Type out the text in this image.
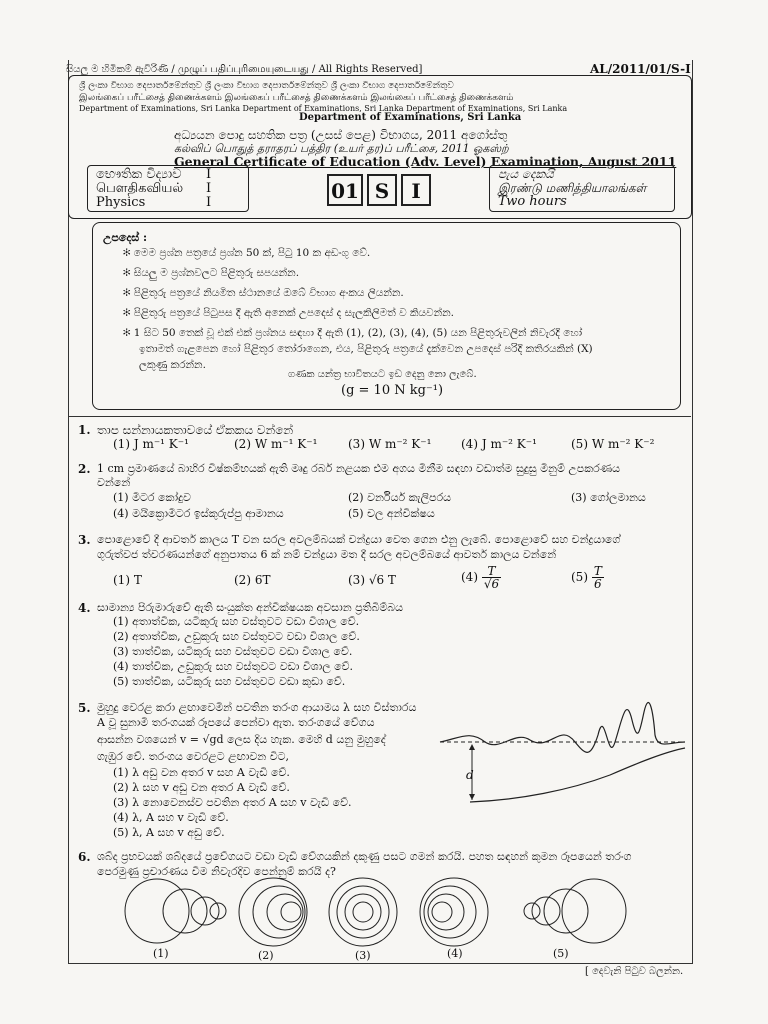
සියලු ම හිමිකම් ඇවිරිණි / முழுப் பதிப்புரிமையுடையது / All Rights Reserved]	AL/2011/01/S-I
ශ්‍රී ලංකා විභාග දෙපාර්තමේන්තුව ශ්‍රී ලංකා විභාග දෙපාර්තමේන්තුව ශ්‍රී ලංකා විභාග දෙපාර්තමේන්තුව
இலங்கைப் பரீட்சைத் திணைக்களம் இலங்கைப் பரீட்சைத் திணைக்களம் இலங்கைப் பரீட்சைத் திணைக்களம்
Department of Examinations, Sri Lanka Department of Examinations, Sri Lanka Department of Examinations, Sri Lanka
Department of Examinations, Sri Lanka
අධ්‍යයන පොදු සහතික පත්‍ර (උසස් පෙළ) විභාගය, 2011 අගෝස්තු
கல்விப் பொதுத் தராதரப் பத்திர (உயர் தர)ப் பரீட்சை, 2011 ஓகஸ்ற்
General Certificate of Education (Adv. Level) Examination, August 2011
භෞතික විද්‍යාව I
பௌதிகவியல் I
Physics	I	01 S	I
පැය දෙකයි
இரண்டு மணித்தியாலங்கள்
Two hours
උපදෙස් :
✻ මෙම ප්‍රශ්න පත්‍රයේ ප්‍රශ්න 50 ක්, පිටු 10 ක අඩංගු වේ.
✻ සියලු ම ප්‍රශ්නවලට පිළිතුරු සපයන්න.
✻ පිළිතුරු පත්‍රයේ නියමිත ස්ථානයේ ඔබේ විභාග අංකය ලියන්න.
✻ පිළිතුරු පත්‍රයේ පිටුපස දී ඇති අනෙක් උපදෙස් ද සැලකිලිමත් ව කියවන්න.
✻ 1 සිට 50 තෙක් වූ එක් එක් ප්‍රශ්නය සඳහා දී ඇති (1), (2), (3), (4), (5) යන පිළිතුරුවලින් නිවැරදි හෝ
ඉතාමත් ගැළපෙන හෝ පිළිතුර තෝරාගෙන, එය, පිළිතුරු පත්‍රයේ දැක්වෙන උපදෙස් පරිදි කතිරයකින් (X)
ලකුණු කරන්න.
ගණක යන්ත්‍ර භාවිතයට ඉඩ දෙනු නො ලැබේ.
(g = 10 N kg⁻¹)
1. තාප සන්නායකතාවයේ ඒකකය වන්නේ
(1) J m⁻¹ K⁻¹	(2) W m⁻¹ K⁻¹	(3) W m⁻² K⁻¹ (4) J m⁻² K⁻¹	(5) W m⁻² K⁻²
2. 1 cm ප්‍රමාණයේ බාහිර විෂ්කම්භයක් ඇති මෘදු රබර් නළයක එම අගය මිනීම සඳහා වඩාත්ම සුදුසු මිනුම් උපකරණය
වන්නේ
(1) මීටර කෝදුව	(2) වර්නියර් කැලිපරය	(3) ගෝලමානය
(4) මයික්‍රොමීටර ඉස්කුරුප්පු ආමානය	(5) චල අන්වීක්ෂය
3. පොළොවේ දී ආවර්ත කාලය T වන සරල අවලම්බයක් චන්ද්‍රයා වෙත ගෙන එනු ලැබේ. පොළොවේ සහ චන්ද්‍රයාගේ
ගුරුත්වජ ත්වරණයන්ගේ අනුපාතය 6 ක් නම් චන්ද්‍රයා මත දී සරල අවලම්බයේ ආවර්ත කාලය වන්නේ
(1) T	(2) 6T	(3) √6 T	$(4) \frac{T}{√6}$	$(5) \frac{T}{6}$
4. සාමාන්‍ය පිරුමාරුවේ ඇති සංයුක්ත අන්වීක්ෂයක අවසාන ප්‍රතිබිම්බය
(1) අතාත්වික, යටිකුරු සහ වස්තුවට වඩා විශාල වේ.
(2) අතාත්වික, උඩුකුරු සහ වස්තුවට වඩා විශාල වේ.
(3) තාත්වික, යටිකුරු සහ වස්තුවට වඩා විශාල වේ.
(4) තාත්වික, උඩුකුරු සහ වස්තුවට වඩා විශාල වේ.
(5) තාත්වික, යටිකුරු සහ වස්තුවට වඩා කුඩා වේ.
5. මුහුදු වෙරළ කරා ළඟාවෙමින් පවතින තරංග ආයාමය λ සහ විස්තාරය
A වූ සුනාමි තරංගයක් රූපයේ පෙන්වා ඇත. තරංගයේ වේගය
ආසන්න වශයෙන් v = √gd ලෙස දිය හැක. මෙහි d යනු මුහුදේ
ගැඹුර වේ. තරංගය වෙරළට ළඟාවන විට,
(1) λ අඩු වන අතර v සහ A වැඩි වේ.
(2) λ සහ v අඩු වන අතර A වැඩි වේ.
(3) λ නොවෙනස්ව පවතින අතර A සහ v වැඩි වේ.
(4) λ, A සහ v වැඩි වේ.
(5) λ, A සහ v අඩු වේ.
d
6. ශබ්ද ප්‍රභවයක් ශබ්දයේ ප්‍රවේගයට වඩා වැඩි වේගයකින් දකුණු පසට ගමන් කරයි. පහත සඳහන් කුමන රූපයෙන් තරංග
පෙරමුණු ප්‍රචාරණය වීම නිවැරදිව පෙන්නුම් කරයි ද?
(1)	(2)	(3)	(4)	(5)
[ දෙවැනි පිටුව බලන්න.
